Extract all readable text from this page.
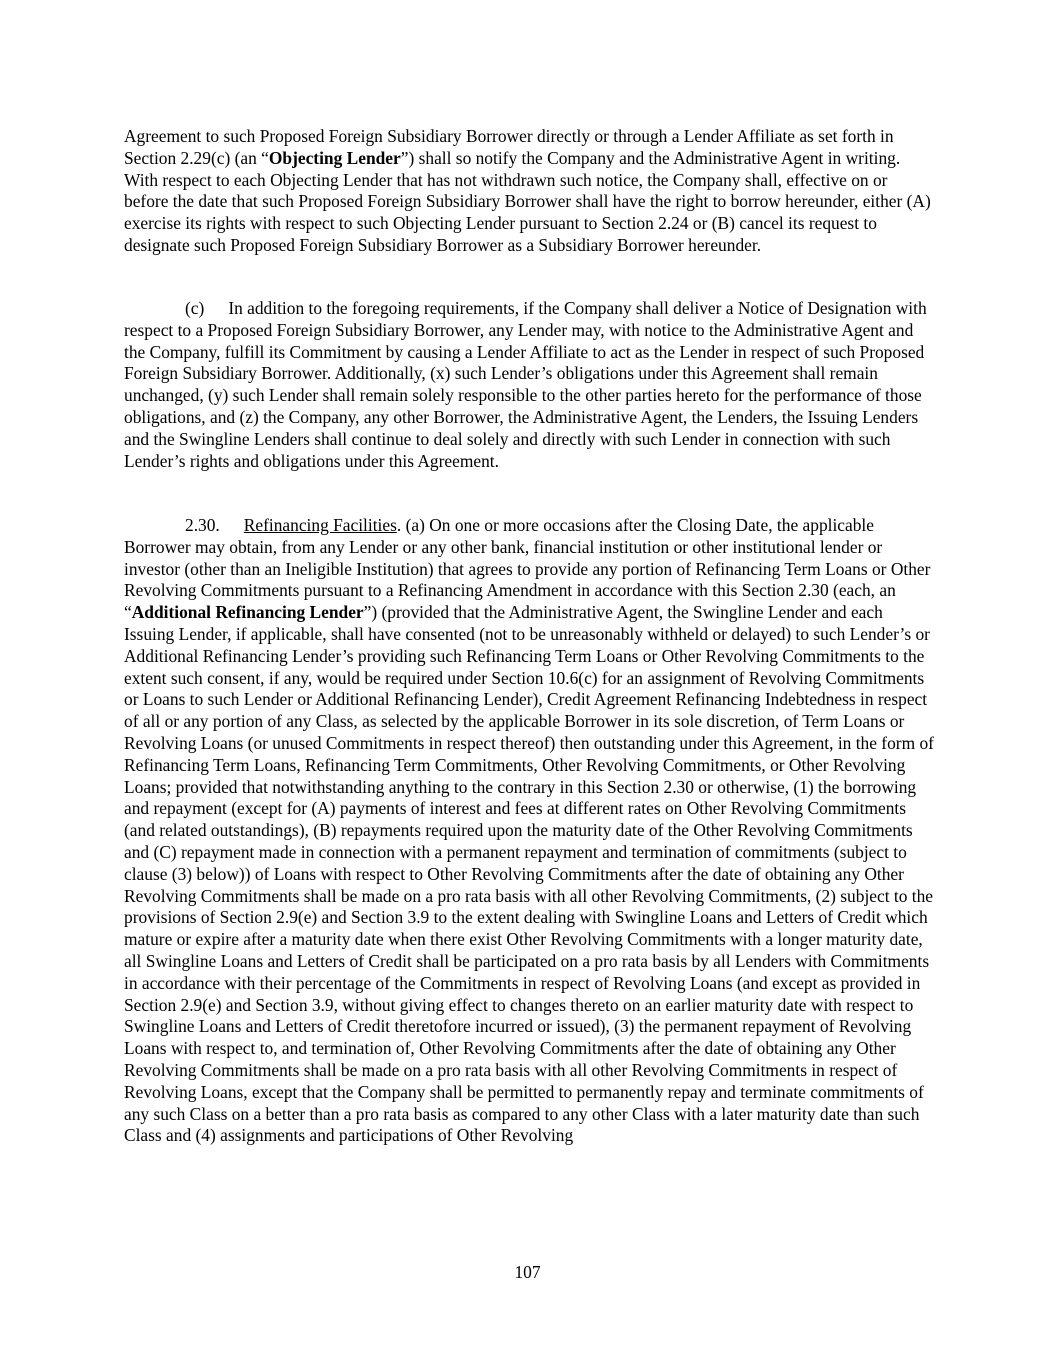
Agreement to such Proposed Foreign Subsidiary Borrower directly or through a Lender Affiliate as set forth in Section 2.29(c) (an “Objecting Lender”) shall so notify the Company and the Administrative Agent in writing. With respect to each Objecting Lender that has not withdrawn such notice, the Company shall, effective on or before the date that such Proposed Foreign Subsidiary Borrower shall have the right to borrow hereunder, either (A) exercise its rights with respect to such Objecting Lender pursuant to Section 2.24 or (B) cancel its request to designate such Proposed Foreign Subsidiary Borrower as a Subsidiary Borrower hereunder.
(c) In addition to the foregoing requirements, if the Company shall deliver a Notice of Designation with respect to a Proposed Foreign Subsidiary Borrower, any Lender may, with notice to the Administrative Agent and the Company, fulfill its Commitment by causing a Lender Affiliate to act as the Lender in respect of such Proposed Foreign Subsidiary Borrower. Additionally, (x) such Lender’s obligations under this Agreement shall remain unchanged, (y) such Lender shall remain solely responsible to the other parties hereto for the performance of those obligations, and (z) the Company, any other Borrower, the Administrative Agent, the Lenders, the Issuing Lenders and the Swingline Lenders shall continue to deal solely and directly with such Lender in connection with such Lender’s rights and obligations under this Agreement.
2.30. Refinancing Facilities. (a) On one or more occasions after the Closing Date, the applicable Borrower may obtain, from any Lender or any other bank, financial institution or other institutional lender or investor (other than an Ineligible Institution) that agrees to provide any portion of Refinancing Term Loans or Other Revolving Commitments pursuant to a Refinancing Amendment in accordance with this Section 2.30 (each, an “Additional Refinancing Lender”) (provided that the Administrative Agent, the Swingline Lender and each Issuing Lender, if applicable, shall have consented (not to be unreasonably withheld or delayed) to such Lender’s or Additional Refinancing Lender’s providing such Refinancing Term Loans or Other Revolving Commitments to the extent such consent, if any, would be required under Section 10.6(c) for an assignment of Revolving Commitments or Loans to such Lender or Additional Refinancing Lender), Credit Agreement Refinancing Indebtedness in respect of all or any portion of any Class, as selected by the applicable Borrower in its sole discretion, of Term Loans or Revolving Loans (or unused Commitments in respect thereof) then outstanding under this Agreement, in the form of Refinancing Term Loans, Refinancing Term Commitments, Other Revolving Commitments, or Other Revolving Loans; provided that notwithstanding anything to the contrary in this Section 2.30 or otherwise, (1) the borrowing and repayment (except for (A) payments of interest and fees at different rates on Other Revolving Commitments (and related outstandings), (B) repayments required upon the maturity date of the Other Revolving Commitments and (C) repayment made in connection with a permanent repayment and termination of commitments (subject to clause (3) below)) of Loans with respect to Other Revolving Commitments after the date of obtaining any Other Revolving Commitments shall be made on a pro rata basis with all other Revolving Commitments, (2) subject to the provisions of Section 2.9(e) and Section 3.9 to the extent dealing with Swingline Loans and Letters of Credit which mature or expire after a maturity date when there exist Other Revolving Commitments with a longer maturity date, all Swingline Loans and Letters of Credit shall be participated on a pro rata basis by all Lenders with Commitments in accordance with their percentage of the Commitments in respect of Revolving Loans (and except as provided in Section 2.9(e) and Section 3.9, without giving effect to changes thereto on an earlier maturity date with respect to Swingline Loans and Letters of Credit theretofore incurred or issued), (3) the permanent repayment of Revolving Loans with respect to, and termination of, Other Revolving Commitments after the date of obtaining any Other Revolving Commitments shall be made on a pro rata basis with all other Revolving Commitments in respect of Revolving Loans, except that the Company shall be permitted to permanently repay and terminate commitments of any such Class on a better than a pro rata basis as compared to any other Class with a later maturity date than such Class and (4) assignments and participations of Other Revolving
107
